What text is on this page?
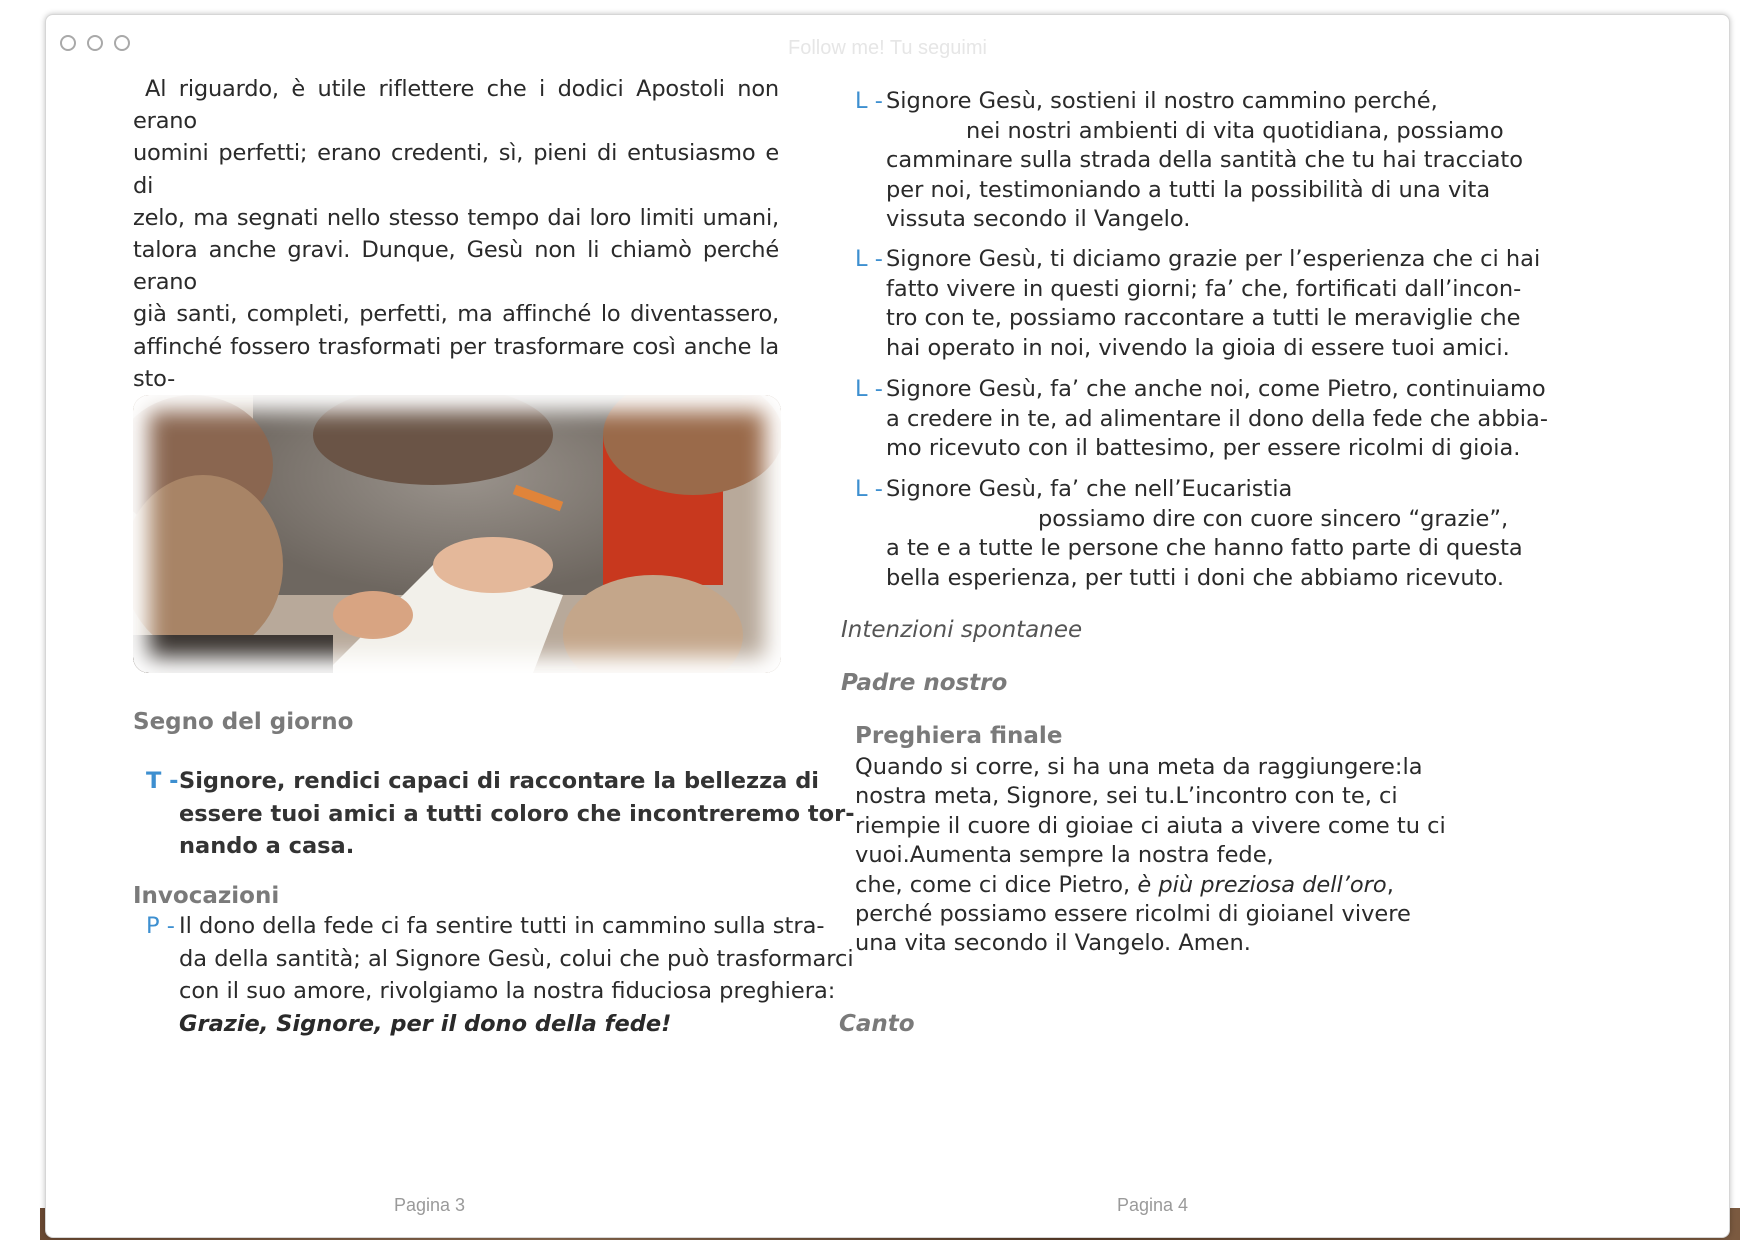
Follow me! Tu seguimi
Al riguardo, è utile riflettere che i dodici Apostoli non erano
uomini perfetti; erano credenti, sì, pieni di entusiasmo e di
zelo, ma segnati nello stesso tempo dai loro limiti umani,
talora anche gravi. Dunque, Gesù non li chiamò perché erano
già santi, completi, perfetti, ma affinché lo diventassero,
affinché fossero trasformati per trasformare così anche la sto-
Segno del giorno
T - Signore, rendici capaci di raccontare la bellezza di
essere tuoi amici a tutti coloro che incontreremo tor-
nando a casa.
Invocazioni
P - Il dono della fede ci fa sentire tutti in cammino sulla stra-
da della santità; al Signore Gesù, colui che può trasformarci
con il suo amore, rivolgiamo la nostra fiduciosa preghiera:
Grazie, Signore, per il dono della fede!
Pagina 3
L - Signore Gesù, sostieni il nostro cammino perché,
nei nostri ambienti di vita quotidiana, possiamo
camminare sulla strada della santità che tu hai tracciato
per noi, testimoniando a tutti la possibilità di una vita
vissuta secondo il Vangelo.
L - Signore Gesù, ti diciamo grazie per l’esperienza che ci hai
fatto vivere in questi giorni; fa’ che, fortificati dall’incon-
tro con te, possiamo raccontare a tutti le meraviglie che
hai operato in noi, vivendo la gioia di essere tuoi amici.
L - Signore Gesù, fa’ che anche noi, come Pietro, continuiamo
a credere in te, ad alimentare il dono della fede che abbia-
mo ricevuto con il battesimo, per essere ricolmi di gioia.
L - Signore Gesù, fa’ che nell’Eucaristia
possiamo dire con cuore sincero “grazie”,
a te e a tutte le persone che hanno fatto parte di questa
bella esperienza, per tutti i doni che abbiamo ricevuto.
Intenzioni spontanee
Padre nostro
Preghiera finale
Quando si corre, si ha una meta da raggiungere:la nostra meta, Signore, sei tu.L’incontro con te, ci riempie il cuore di gioiae ci aiuta a vivere come tu ci vuoi.Aumenta sempre la nostra fede,
che, come ci dice Pietro, è più preziosa dell’oro,
perché possiamo essere ricolmi di gioianel vivere una vita secondo il Vangelo. Amen.
Canto
Pagina 4
